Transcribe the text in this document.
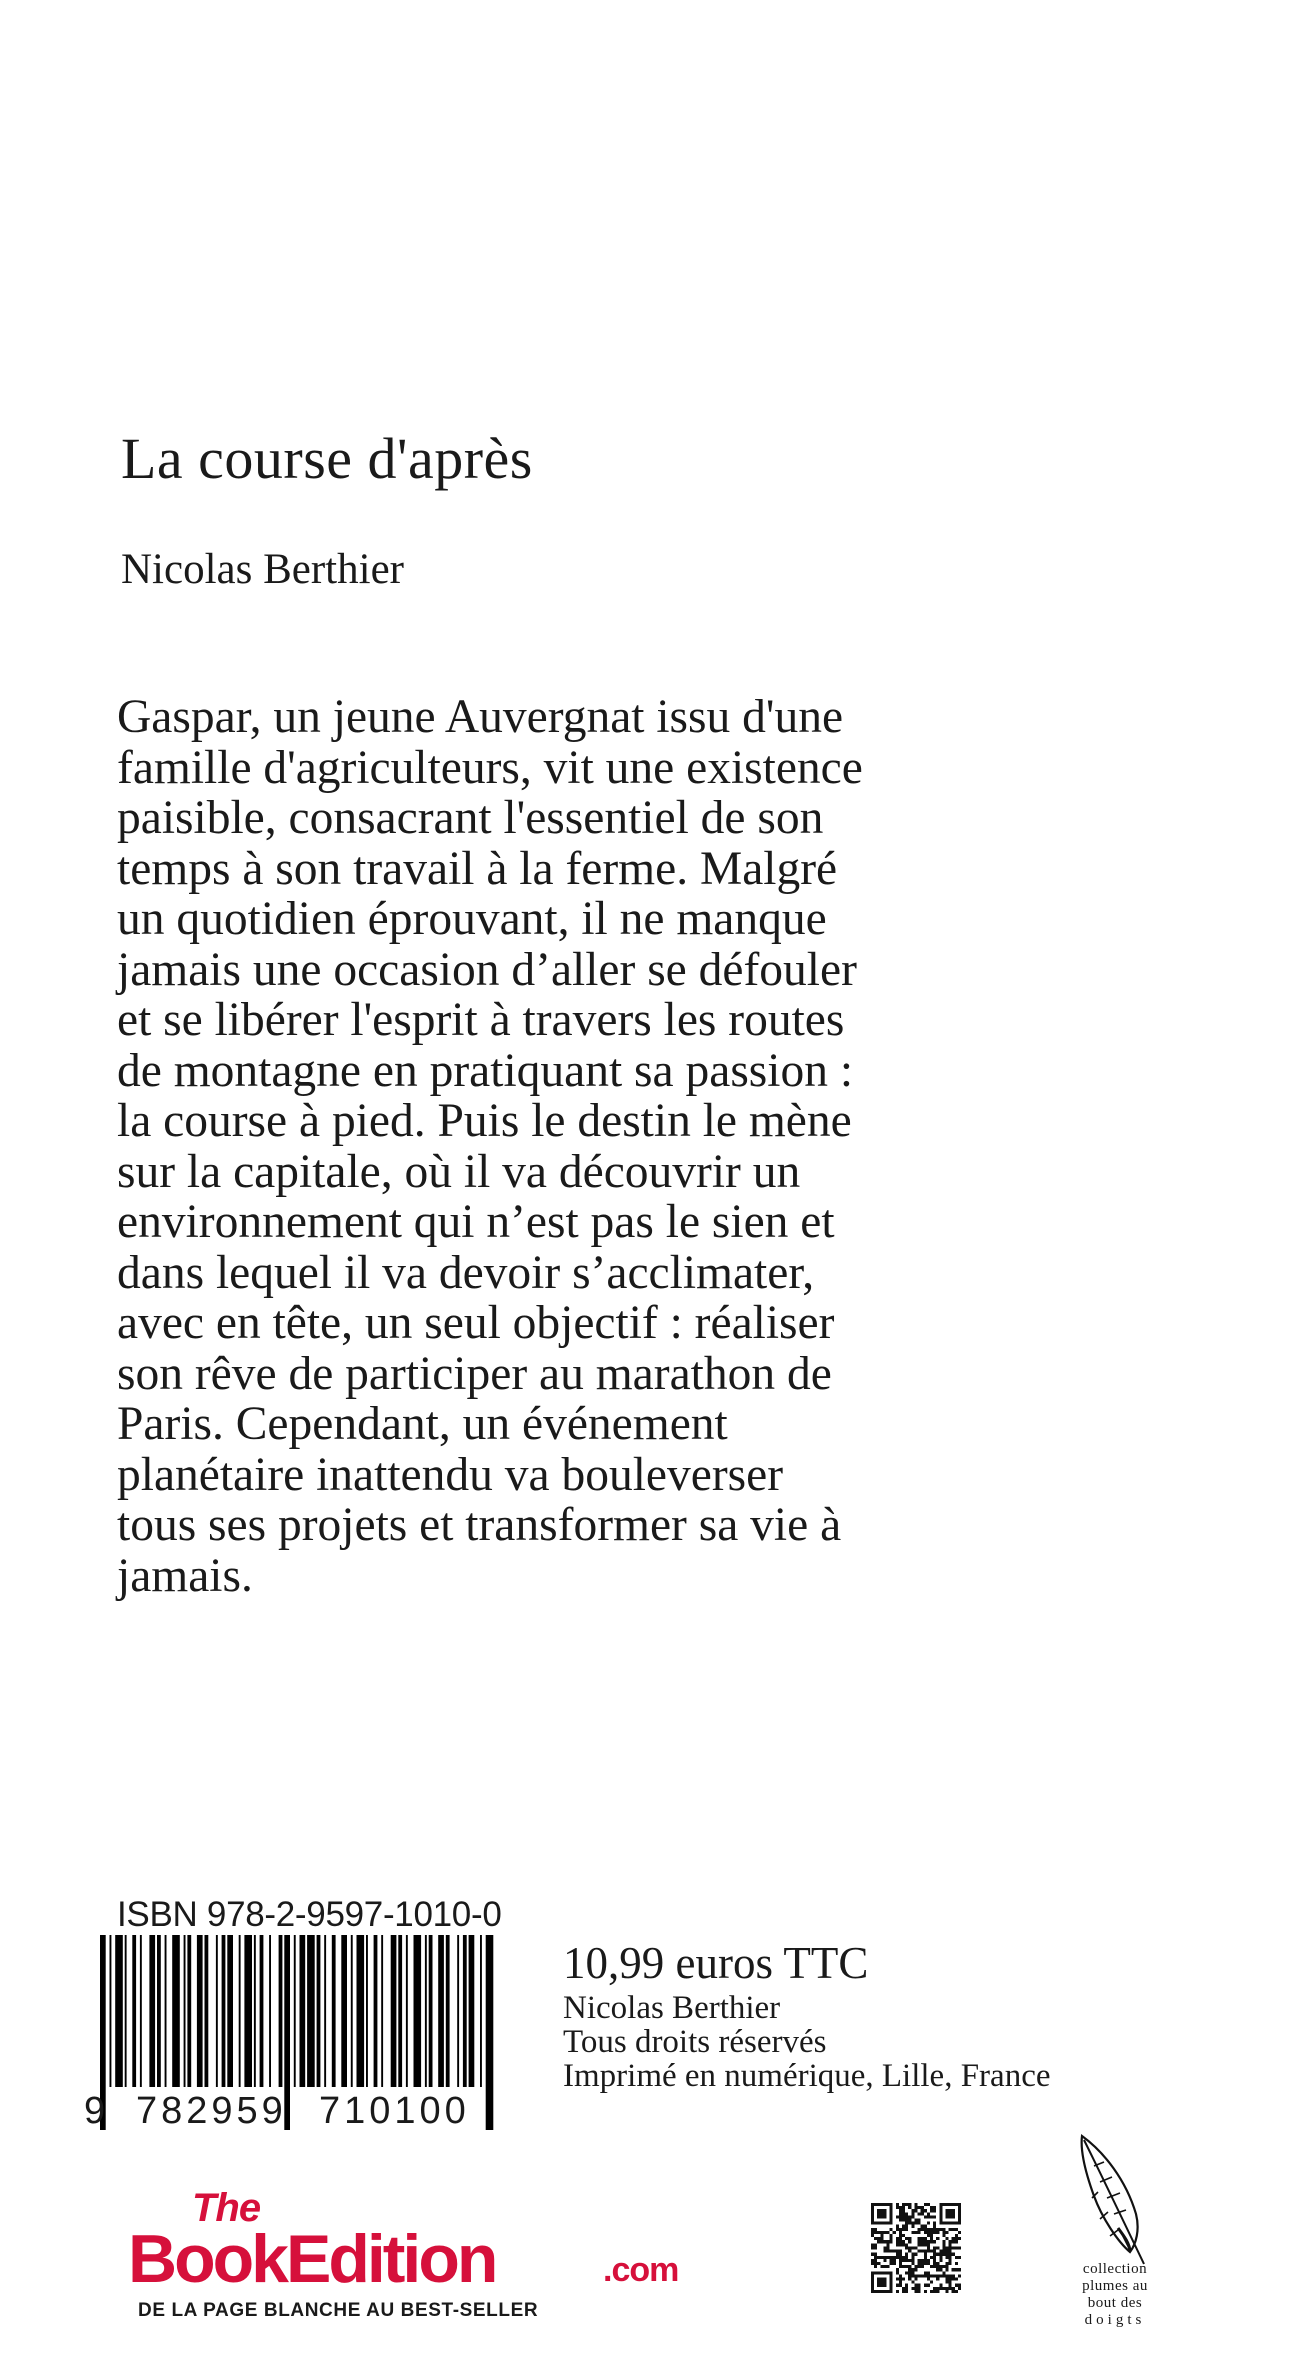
La course d'après
Nicolas Berthier
Gaspar, un jeune Auvergnat issu d'une
famille d'agriculteurs, vit une existence
paisible, consacrant l'essentiel de son
temps à son travail à la ferme. Malgré
un quotidien éprouvant, il ne manque
jamais une occasion d’aller se défouler
et se libérer l'esprit à travers les routes
de montagne en pratiquant sa passion :
la course à pied. Puis le destin le mène
sur la capitale, où il va découvrir un
environnement qui n’est pas le sien et
dans lequel il va devoir s’acclimater,
avec en tête, un seul objectif : réaliser
son rêve de participer au marathon de
Paris. Cependant, un événement
planétaire inattendu va bouleverser
tous ses projets et transformer sa vie à
jamais.
ISBN 978-2-9597-1010-0
9 782959 710100
10,99 euros TTC
Nicolas Berthier
Tous droits réservés
Imprimé en numérique, Lille, France
The
BookEdition	.com
DE LA PAGE BLANCHE AU BEST-SELLER
collection
plumes au
bout des
doigts
